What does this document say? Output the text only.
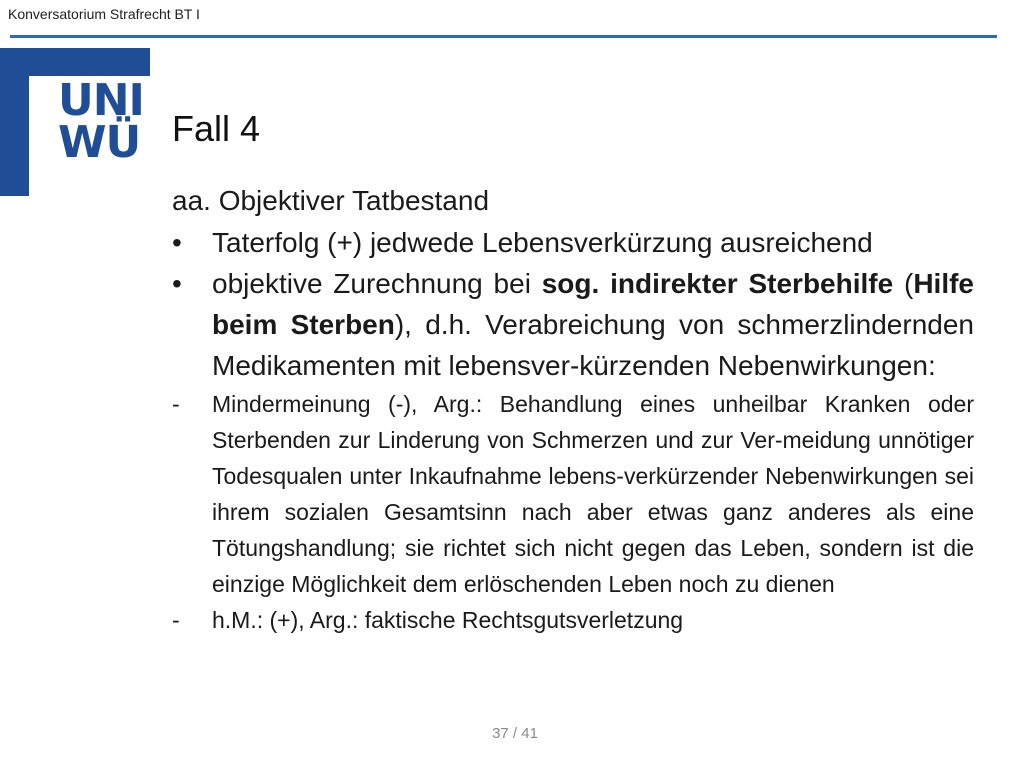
Konversatorium Strafrecht BT I
UNI
WÜ Fall 4
aa. Objektiver Tatbestand
• Taterfolg (+) jedwede Lebensverkürzung ausreichend
• objektive Zurechnung bei sog. indirekter Sterbehilfe (Hilfe beim Sterben), d.h. Verabreichung von schmerzlindernden Medikamenten mit lebensver-kürzenden Nebenwirkungen:
- Mindermeinung (-), Arg.: Behandlung eines unheilbar Kranken oder Sterbenden zur Linderung von Schmerzen und zur Ver-meidung unnötiger Todesqualen unter Inkaufnahme lebens-verkürzender Nebenwirkungen sei ihrem sozialen Gesamtsinn nach aber etwas ganz anderes als eine Tötungshandlung; sie richtet sich nicht gegen das Leben, sondern ist die einzige Möglichkeit dem erlöschenden Leben noch zu dienen
- h.M.: (+), Arg.: faktische Rechtsgutsverletzung
37 / 41
